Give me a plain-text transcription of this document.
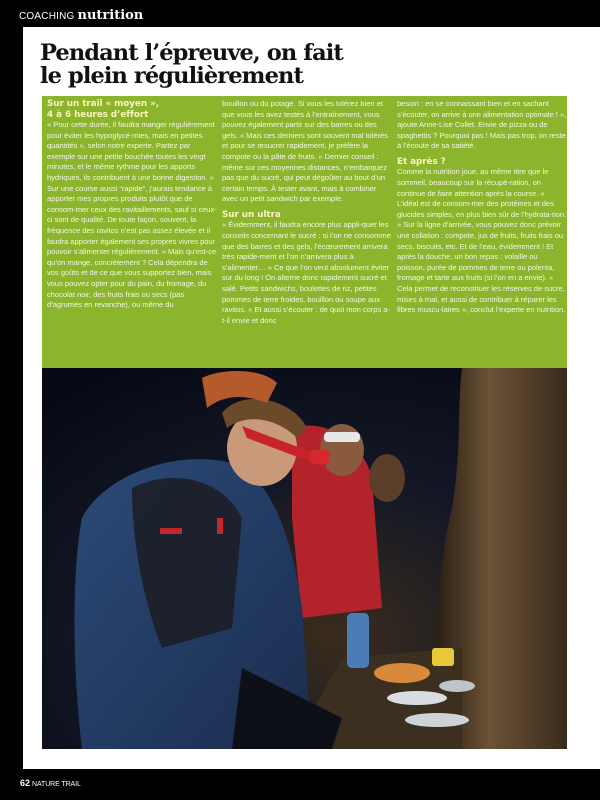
COACHING nutrition
Pendant l’épreuve, on fait
le plein régulièrement
Sur un trail « moyen »,
4 à 6 heures d’effort

« Pour cette durée, il faudra manger régulièrement pour éviter les hypoglycé-mies, mais en petites quantités », selon notre experte. Partez par exemple sur une petite bouchée toutes les vingt minutes, et le même rythme pour les apports hydriques, ils contribuent à une bonne digestion. « Sur une course aussi “rapide”, j’aurais tendance à apporter mes propres produits plutôt que de consom-mer ceux des ravitaillements, sauf si ceux-ci sont de qualité. De toute façon, souvent, la fréquence des ravitos n’est pas assez élevée et il faudra apporter également ses propres vivres pour pouvoir s’alimenter régulièrement. » Mais qu’est-ce qu’on mange, concrètement ? Cela dépendra de vos goûts et de ce que vous supportez bien, mais vous pouvez opter pour du pain, du fromage, du chocolat noir, des fruits frais ou secs (pas d’agrumes en revanche), ou même du

bouillon ou du potage. Si vous les tolérez bien et que vous les avez testés à l’entraînement, vous pouvez également partir sur des barres ou des gels. « Mais ces derniers sont souvent mal tolérés et pour se resucrer rapidement, je préfère la compote ou la pâte de fruits. » Dernier conseil : même sur ces moyennes distances, n’embarquez pas que du sucré, qui peut dégoûter au bout d’un certain temps. À tester avant, mais à combiner avec un petit sandwich par exemple.

Sur un ultra

« Évidemment, il faudra encore plus appli-quer les conseils concernant le sucré : si l’on ne consomme que des barres et des gels, l’écœurement arrivera très rapide-ment et l’on n’arrivera plus à s’alimenter… » Ce que l’on veut absolument éviter sur du long ! On alterne donc rapidement sucré et salé. Petits sandwichs, boulettes de riz, petites pommes de terre froides, bouillon ou soupe aux ravitos. « Et aussi s’écouter : de quoi mon corps a-t-il envie et donc

besoin : en se connaissant bien et en sachant s’écouter, on arrive à une alimentation optimale ! », ajoute Anne-Lise Collet. Envie de pizza ou de spaghettis ? Pourquoi pas ! Mais pas trop, on reste à l’écoute de sa satiété.

Et après ?

Comme la nutrition joue, au même titre que le sommeil, beaucoup sur la récupé-ration, on continue de faire attention après la course. « L’idéal est de consom-mer des protéines et des glucides simples, en plus bien sûr de l’hydrata-tion. » Sur la ligne d’arrivée, vous pouvez donc prévoir une collation : compote, jus de fruits, fruits frais ou secs, biscuits, etc. Et de l’eau, évidemment ! Et après la douche, un bon repas : volaille ou poisson, purée de pommes de terre ou polenta, fromage et tarte aux fruits (si l’on en a envie). « Cela permet de reconstituer les réserves de sucre, mises à mal, et aussi de contribuer à réparer les fibres muscu-laires », conclut l’experte en nutrition.

62 NATURE TRAIL
